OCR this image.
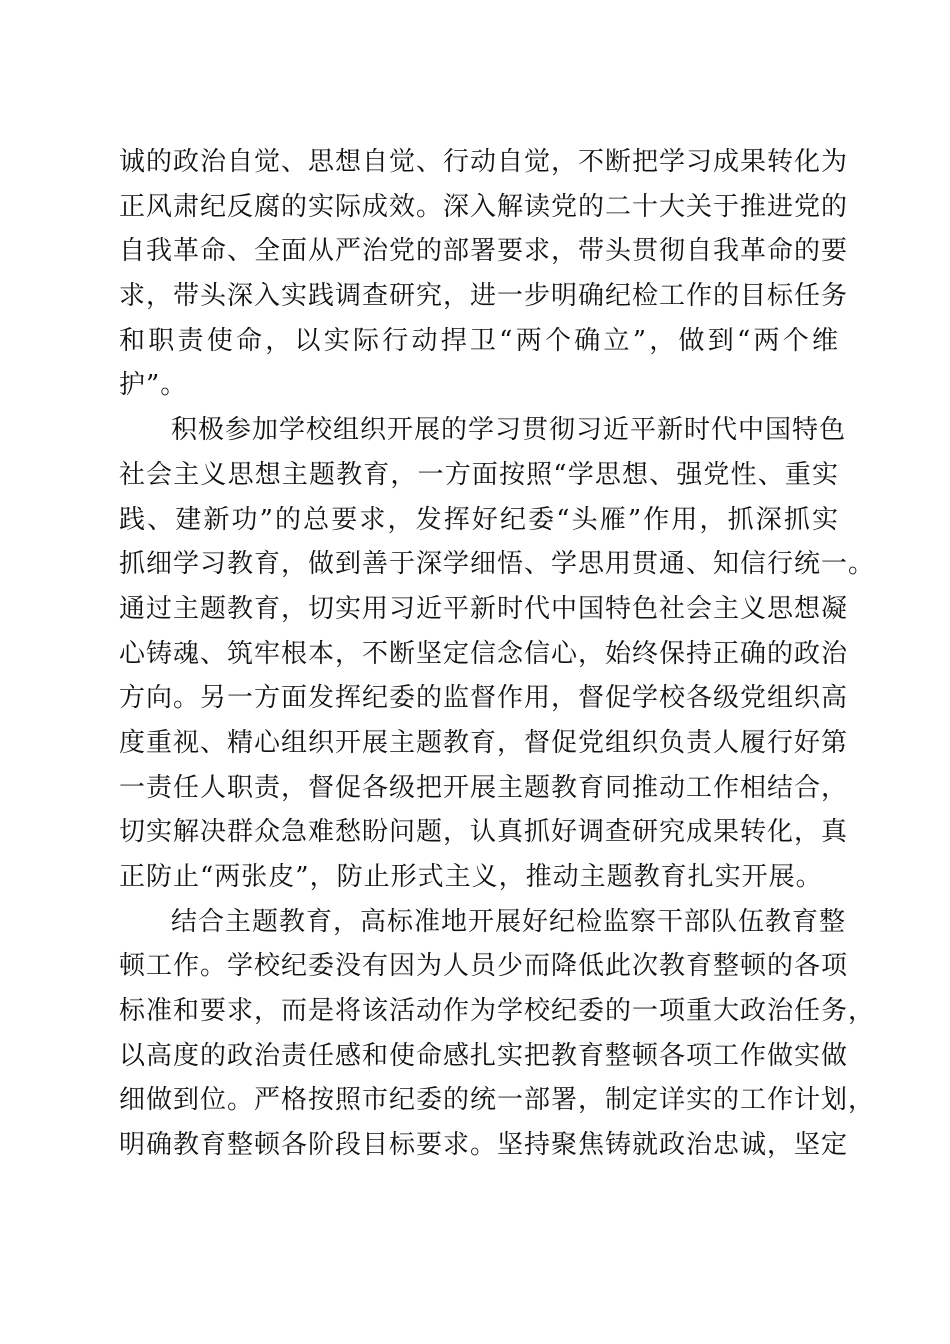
诚的政治自觉、思想自觉、行动自觉，不断把学习成果转化为
正风肃纪反腐的实际成效。深入解读党的二十大关于推进党的
自我革命、全面从严治党的部署要求，带头贯彻自我革命的要
求，带头深入实践调查研究，进一步明确纪检工作的目标任务
和职责使命，以实际行动捍卫“两个确立”，做到“两个维
护”。
积极参加学校组织开展的学习贯彻习近平新时代中国特色
社会主义思想主题教育，一方面按照“学思想、强党性、重实
践、建新功”的总要求，发挥好纪委“头雁”作用，抓深抓实
抓细学习教育，做到善于深学细悟、学思用贯通、知信行统一。
通过主题教育，切实用习近平新时代中国特色社会主义思想凝
心铸魂、筑牢根本，不断坚定信念信心，始终保持正确的政治
方向。另一方面发挥纪委的监督作用，督促学校各级党组织高
度重视、精心组织开展主题教育，督促党组织负责人履行好第
一责任人职责，督促各级把开展主题教育同推动工作相结合，
切实解决群众急难愁盼问题，认真抓好调查研究成果转化，真
正防止“两张皮”，防止形式主义，推动主题教育扎实开展。
结合主题教育，高标准地开展好纪检监察干部队伍教育整
顿工作。学校纪委没有因为人员少而降低此次教育整顿的各项
标准和要求，而是将该活动作为学校纪委的一项重大政治任务，
以高度的政治责任感和使命感扎实把教育整顿各项工作做实做
细做到位。严格按照市纪委的统一部署，制定详实的工作计划，
明确教育整顿各阶段目标要求。坚持聚焦铸就政治忠诚，坚定
